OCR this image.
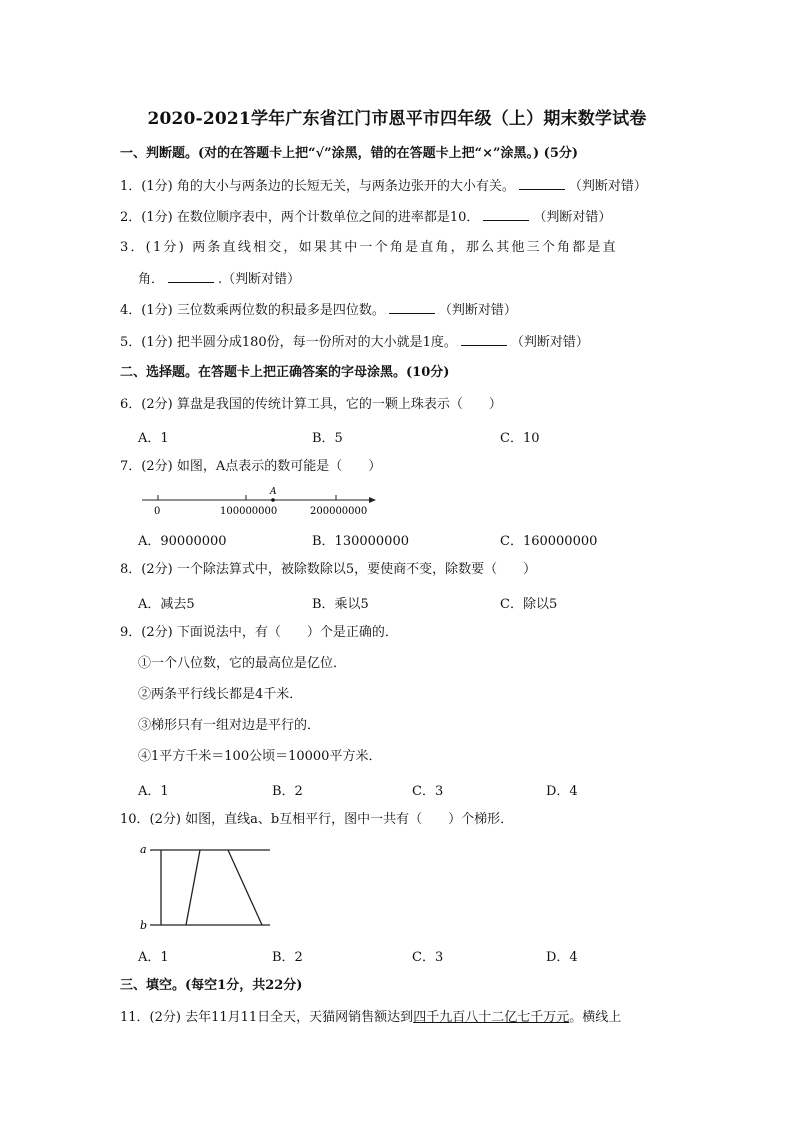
2020-2021学年广东省江门市恩平市四年级（上）期末数学试卷
一、判断题。(对的在答题卡上把“√”涂黑，错的在答题卡上把“×”涂黑。) (5分)
1．(1分) 角的大小与两条边的长短无关，与两条边张开的大小有关。	（判断对错）
2．(1分) 在数位顺序表中，两个计数单位之间的进率都是10．	（判断对错）
3．(1分) 两条直线相交，如果其中一个角是直角，那么其他三个角都是直
角．	.（判断对错）
4．(1分) 三位数乘两位数的积最多是四位数。	（判断对错）
5．(1分) 把半圆分成180份，每一份所对的大小就是1度。	（判断对错）
二、选择题。在答题卡上把正确答案的字母涂黑。(10分)
6．(2分) 算盘是我国的传统计算工具，它的一颗上珠表示（　　）
A．1	B．5	C．10
7．(2分) 如图，A点表示的数可能是（　　）
A
0	100000000	200000000
A．90000000	B．130000000	C．160000000
8．(2分) 一个除法算式中，被除数除以5，要使商不变，除数要（　　）
A．减去5	B．乘以5	C．除以5
9．(2分) 下面说法中，有（　　）个是正确的．
①一个八位数，它的最高位是亿位．
②两条平行线长都是4千米．
③梯形只有一组对边是平行的．
④1平方千米＝100公顷＝10000平方米．
A．1	B．2	C．3	D．4
10．(2分) 如图，直线a、b互相平行，图中一共有（　　）个梯形．
a
b
A．1	B．2	C．3	D．4
三、填空。(每空1分，共22分)
11．(2分) 去年11月11日全天，天猫网销售额达到四千九百八十二亿七千万元。横线上
